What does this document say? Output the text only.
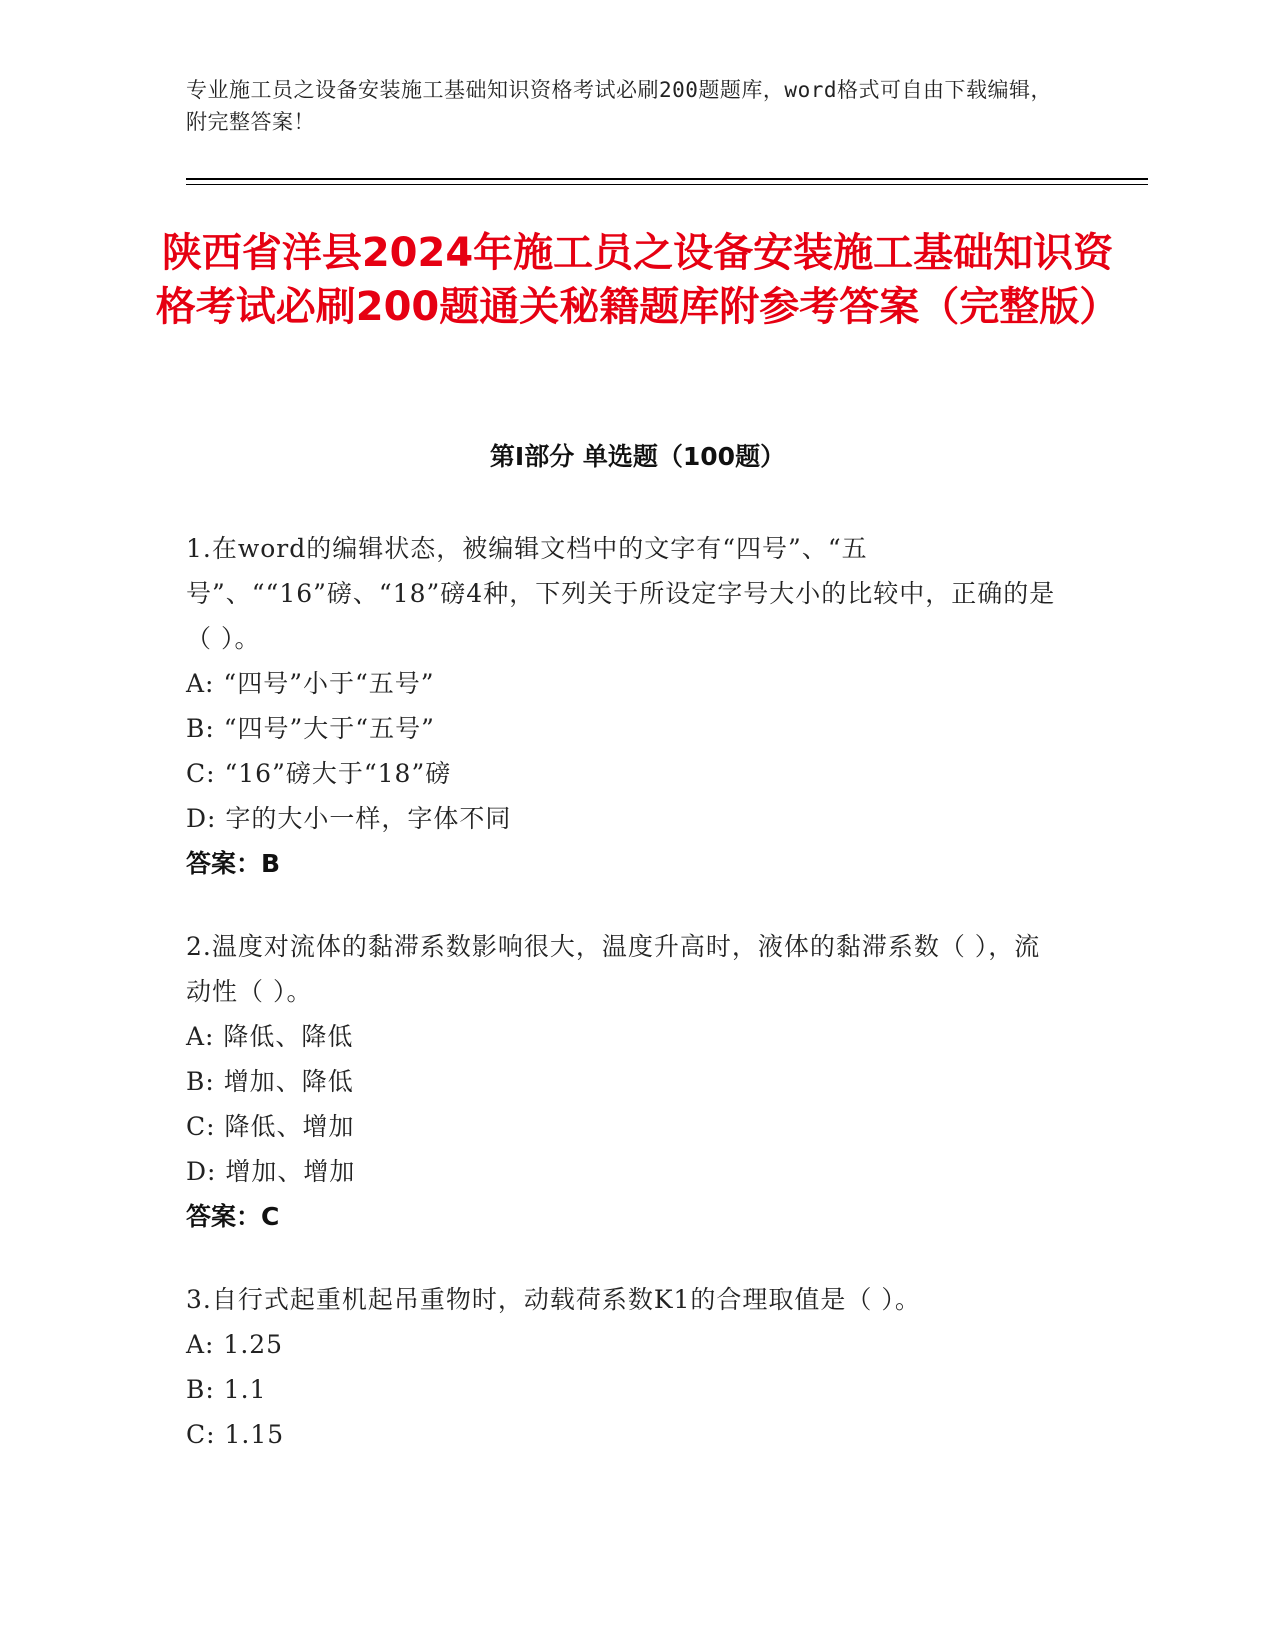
专业施工员之设备安装施工基础知识资格考试必刷200题题库，word格式可自由下载编辑，附完整答案！
陕西省洋县2024年施工员之设备安装施工基础知识资格考试必刷200题通关秘籍题库附参考答案（完整版）
第Ⅰ部分 单选题（100题）
1.在word的编辑状态，被编辑文档中的文字有“四号”、“五号”、““16”磅、“18”磅4种，下列关于所设定字号大小的比较中，正确的是（ ）。
A: “四号”小于“五号”
B: “四号”大于“五号”
C: “16”磅大于“18”磅
D: 字的大小一样，字体不同
答案：B
2.温度对流体的黏滞系数影响很大，温度升高时，液体的黏滞系数（ ），流动性（ ）。
A: 降低、降低
B: 增加、降低
C: 降低、增加
D: 增加、增加
答案：C
3.自行式起重机起吊重物时，动载荷系数K1的合理取值是（ ）。
A: 1.25
B: 1.1
C: 1.15
